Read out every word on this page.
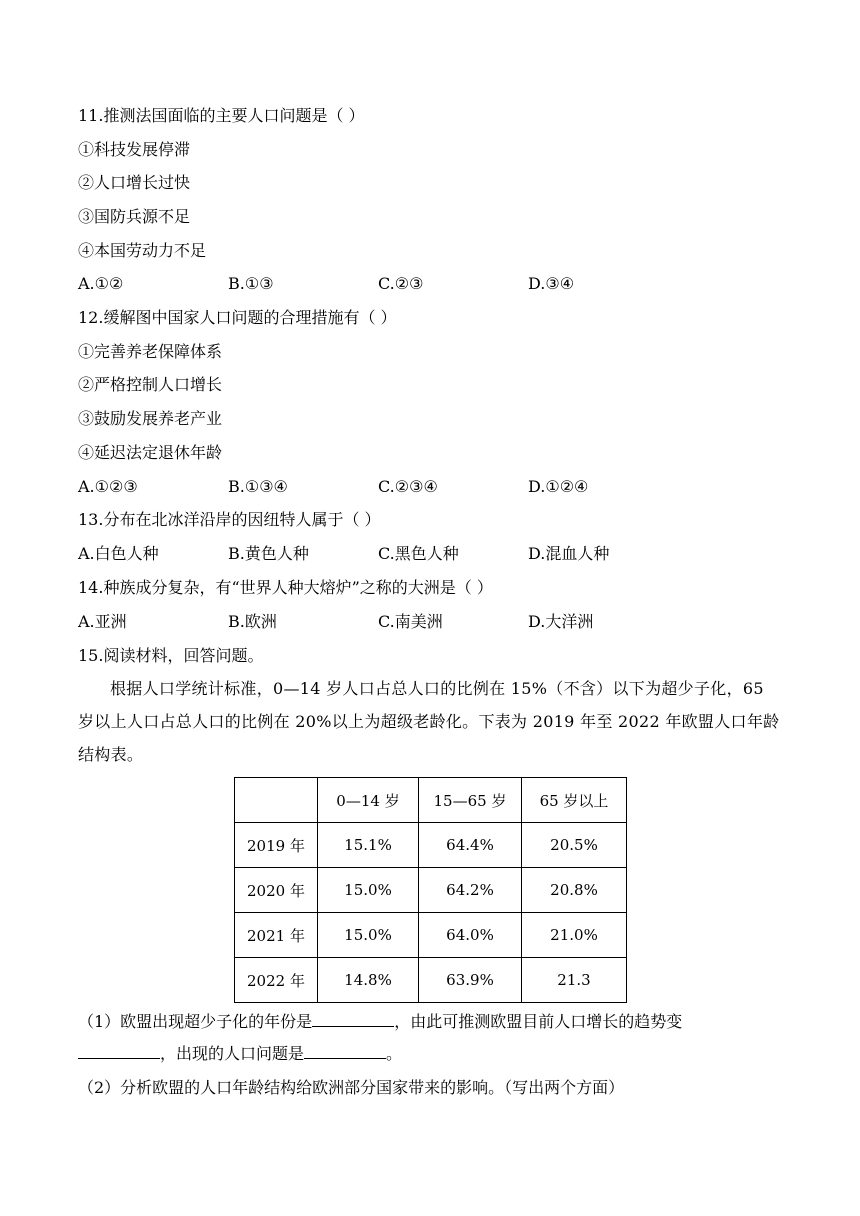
11.推测法国面临的主要人口问题是（ ）
①科技发展停滞
②人口增长过快
③国防兵源不足
④本国劳动力不足
A.①②	B.①③	C.②③	D.③④
12.缓解图中国家人口问题的合理措施有（ ）
①完善养老保障体系
②严格控制人口增长
③鼓励发展养老产业
④延迟法定退休年龄
A.①②③	B.①③④	C.②③④	D.①②④
13.分布在北冰洋沿岸的因纽特人属于（ ）
A.白色人种	B.黄色人种	C.黑色人种	D.混血人种
14.种族成分复杂，有“世界人种大熔炉”之称的大洲是（ ）
A.亚洲	B.欧洲	C.南美洲	D.大洋洲
15.阅读材料，回答问题。
根据人口学统计标准，0—14 岁人口占总人口的比例在 15%（不含）以下为超少子化，65 岁以上人口占总人口的比例在 20%以上为超级老龄化。下表为 2019 年至 2022 年欧盟人口年龄结构表。
	0—14 岁	15—65 岁	65 岁以上
2019 年	15.1%	64.4%	20.5%
2020 年	15.0%	64.2%	20.8%
2021 年	15.0%	64.0%	21.0%
2022 年	14.8%	63.9%	21.3
（1）欧盟出现超少子化的年份是	，由此可推测欧盟目前人口增长的趋势变
，出现的人口问题是	。
（2）分析欧盟的人口年龄结构给欧洲部分国家带来的影响。（写出两个方面）
